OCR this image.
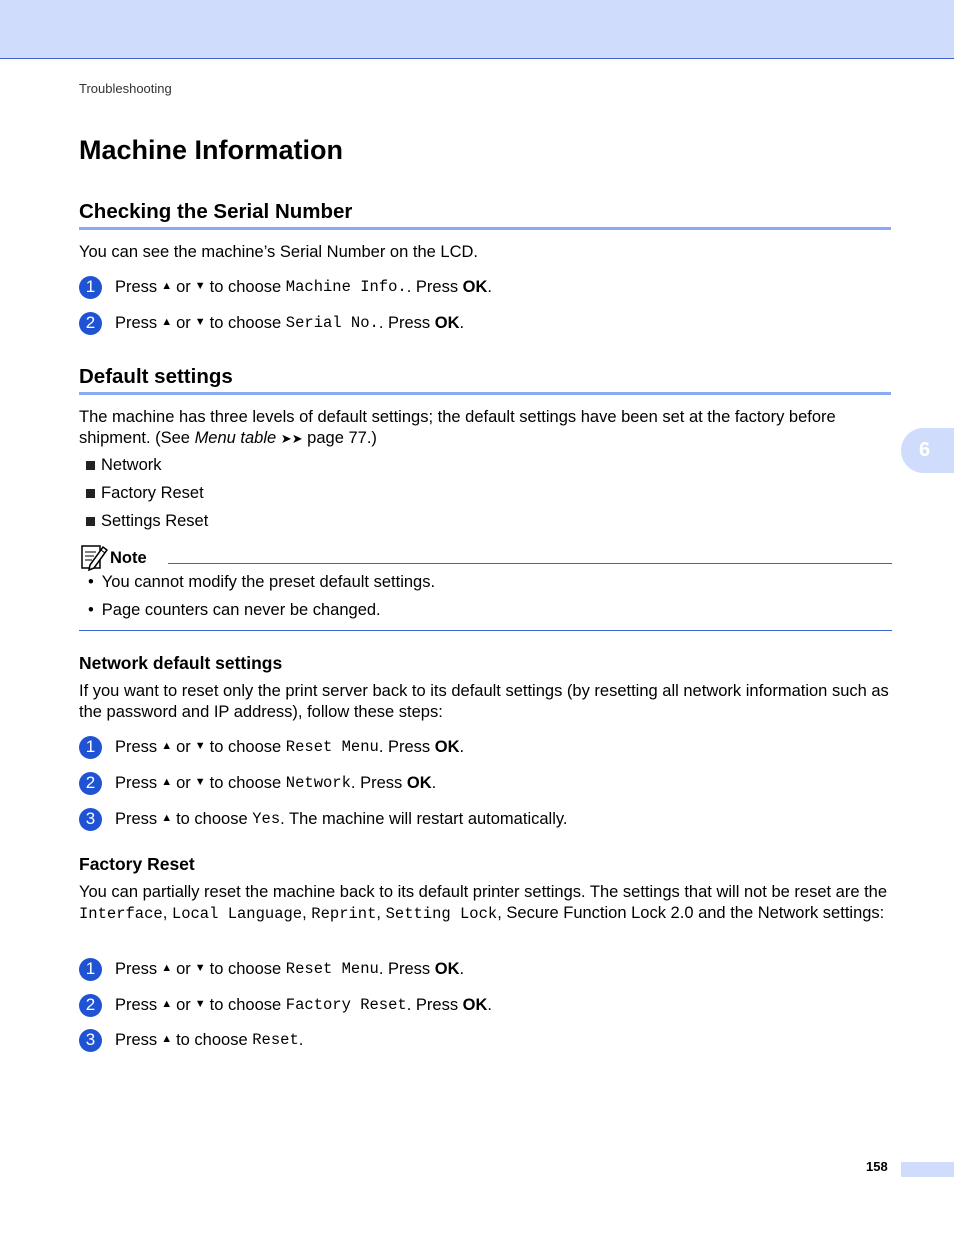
Troubleshooting
Machine Information
Checking the Serial Number

You can see the machine’s Serial Number on the LCD.

1	Press ▲ or ▼ to choose
Machine Info. . Press
OK .
2	Press ▲ or ▼ to choose
Serial No. . Press
OK .
Default settings

The machine has three levels of default settings; the default settings have been set at the factory before shipment. (See Menu table ➤➤ page 77.)

Network
Factory Reset
Settings Reset
Note
• You cannot modify the preset default settings.
• Page counters can never be changed.
Network default settings

If you want to reset only the print server back to its default settings (by resetting all network information such as the password and IP address), follow these steps:

1	Press ▲ or ▼ to choose
Reset Menu . Press
OK .
2	Press ▲ or ▼ to choose
Network . Press
OK .
3	Press ▲ to choose
Yes . The machine will restart automatically.
Factory Reset

You can partially reset the machine back to its default printer settings. The settings that will not be reset are the Interface, Local Language, Reprint, Setting Lock, Secure Function Lock 2.0 and the Network settings:

1	Press ▲ or ▼ to choose
Reset Menu . Press
OK .
2	Press ▲ or ▼ to choose
Factory Reset . Press
OK .
3	Press ▲ to choose
Reset .
6
158
